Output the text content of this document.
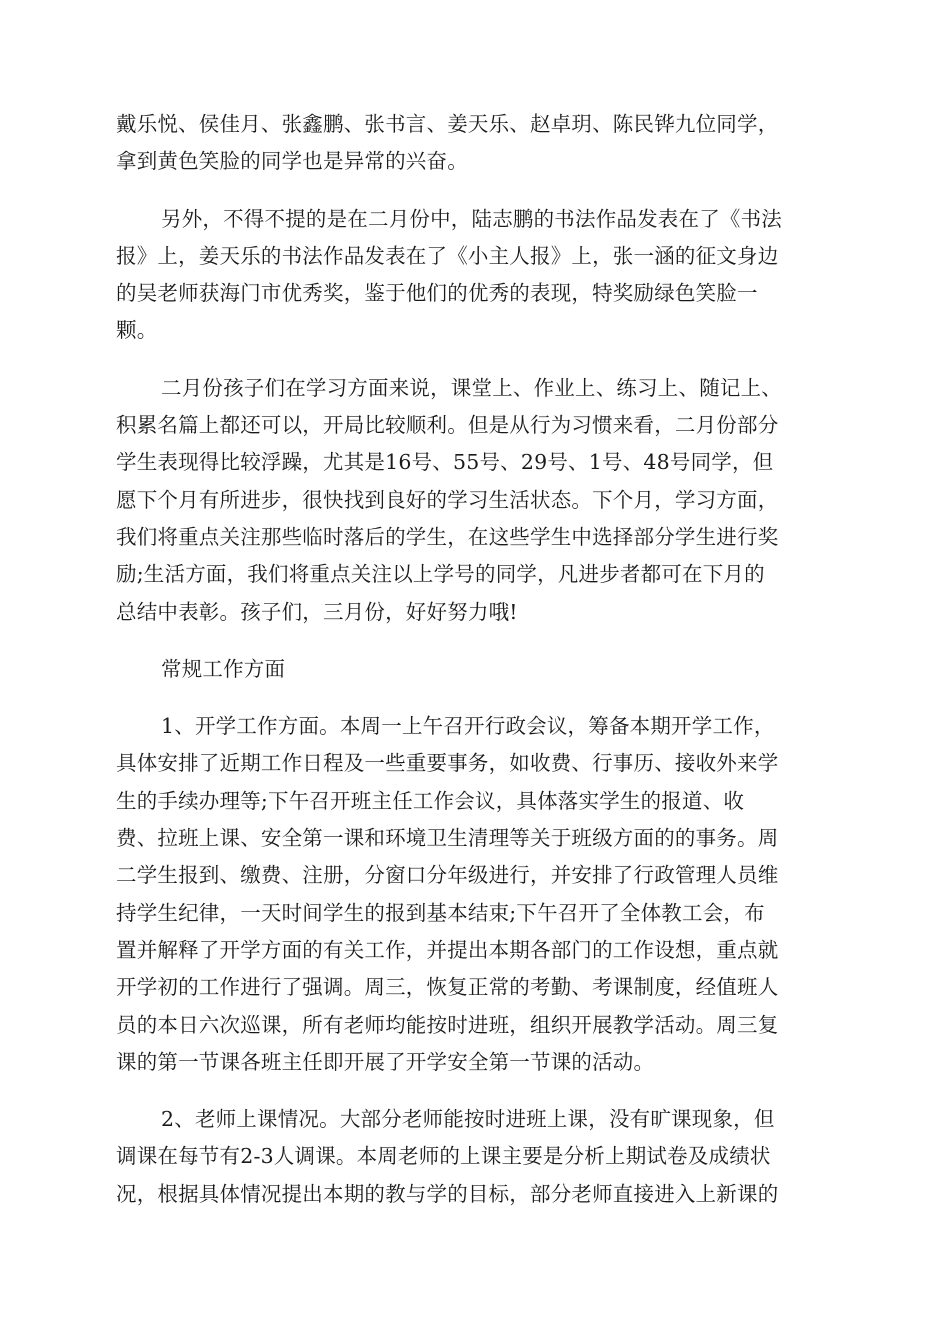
戴乐悦、侯佳月、张鑫鹏、张书言、姜天乐、赵卓玥、陈民铧九位同学，
拿到黄色笑脸的同学也是异常的兴奋。
另外，不得不提的是在二月份中，陆志鹏的书法作品发表在了《书法
报》上，姜天乐的书法作品发表在了《小主人报》上，张一涵的征文身边
的吴老师获海门市优秀奖，鉴于他们的优秀的表现，特奖励绿色笑脸一
颗。
二月份孩子们在学习方面来说，课堂上、作业上、练习上、随记上、
积累名篇上都还可以，开局比较顺利。但是从行为习惯来看，二月份部分
学生表现得比较浮躁，尤其是16号、55号、29号、1号、48号同学，但
愿下个月有所进步，很快找到良好的学习生活状态。下个月，学习方面，
我们将重点关注那些临时落后的学生，在这些学生中选择部分学生进行奖
励;生活方面，我们将重点关注以上学号的同学，凡进步者都可在下月的
总结中表彰。孩子们，三月份，好好努力哦!
常规工作方面
1、开学工作方面。本周一上午召开行政会议，筹备本期开学工作，
具体安排了近期工作日程及一些重要事务，如收费、行事历、接收外来学
生的手续办理等;下午召开班主任工作会议，具体落实学生的报道、收
费、拉班上课、安全第一课和环境卫生清理等关于班级方面的的事务。周
二学生报到、缴费、注册，分窗口分年级进行，并安排了行政管理人员维
持学生纪律，一天时间学生的报到基本结束;下午召开了全体教工会，布
置并解释了开学方面的有关工作，并提出本期各部门的工作设想，重点就
开学初的工作进行了强调。周三，恢复正常的考勤、考课制度，经值班人
员的本日六次巡课，所有老师均能按时进班，组织开展教学活动。周三复
课的第一节课各班主任即开展了开学安全第一节课的活动。
2、老师上课情况。大部分老师能按时进班上课，没有旷课现象，但
调课在每节有2-3人调课。本周老师的上课主要是分析上期试卷及成绩状
况，根据具体情况提出本期的教与学的目标，部分老师直接进入上新课的
